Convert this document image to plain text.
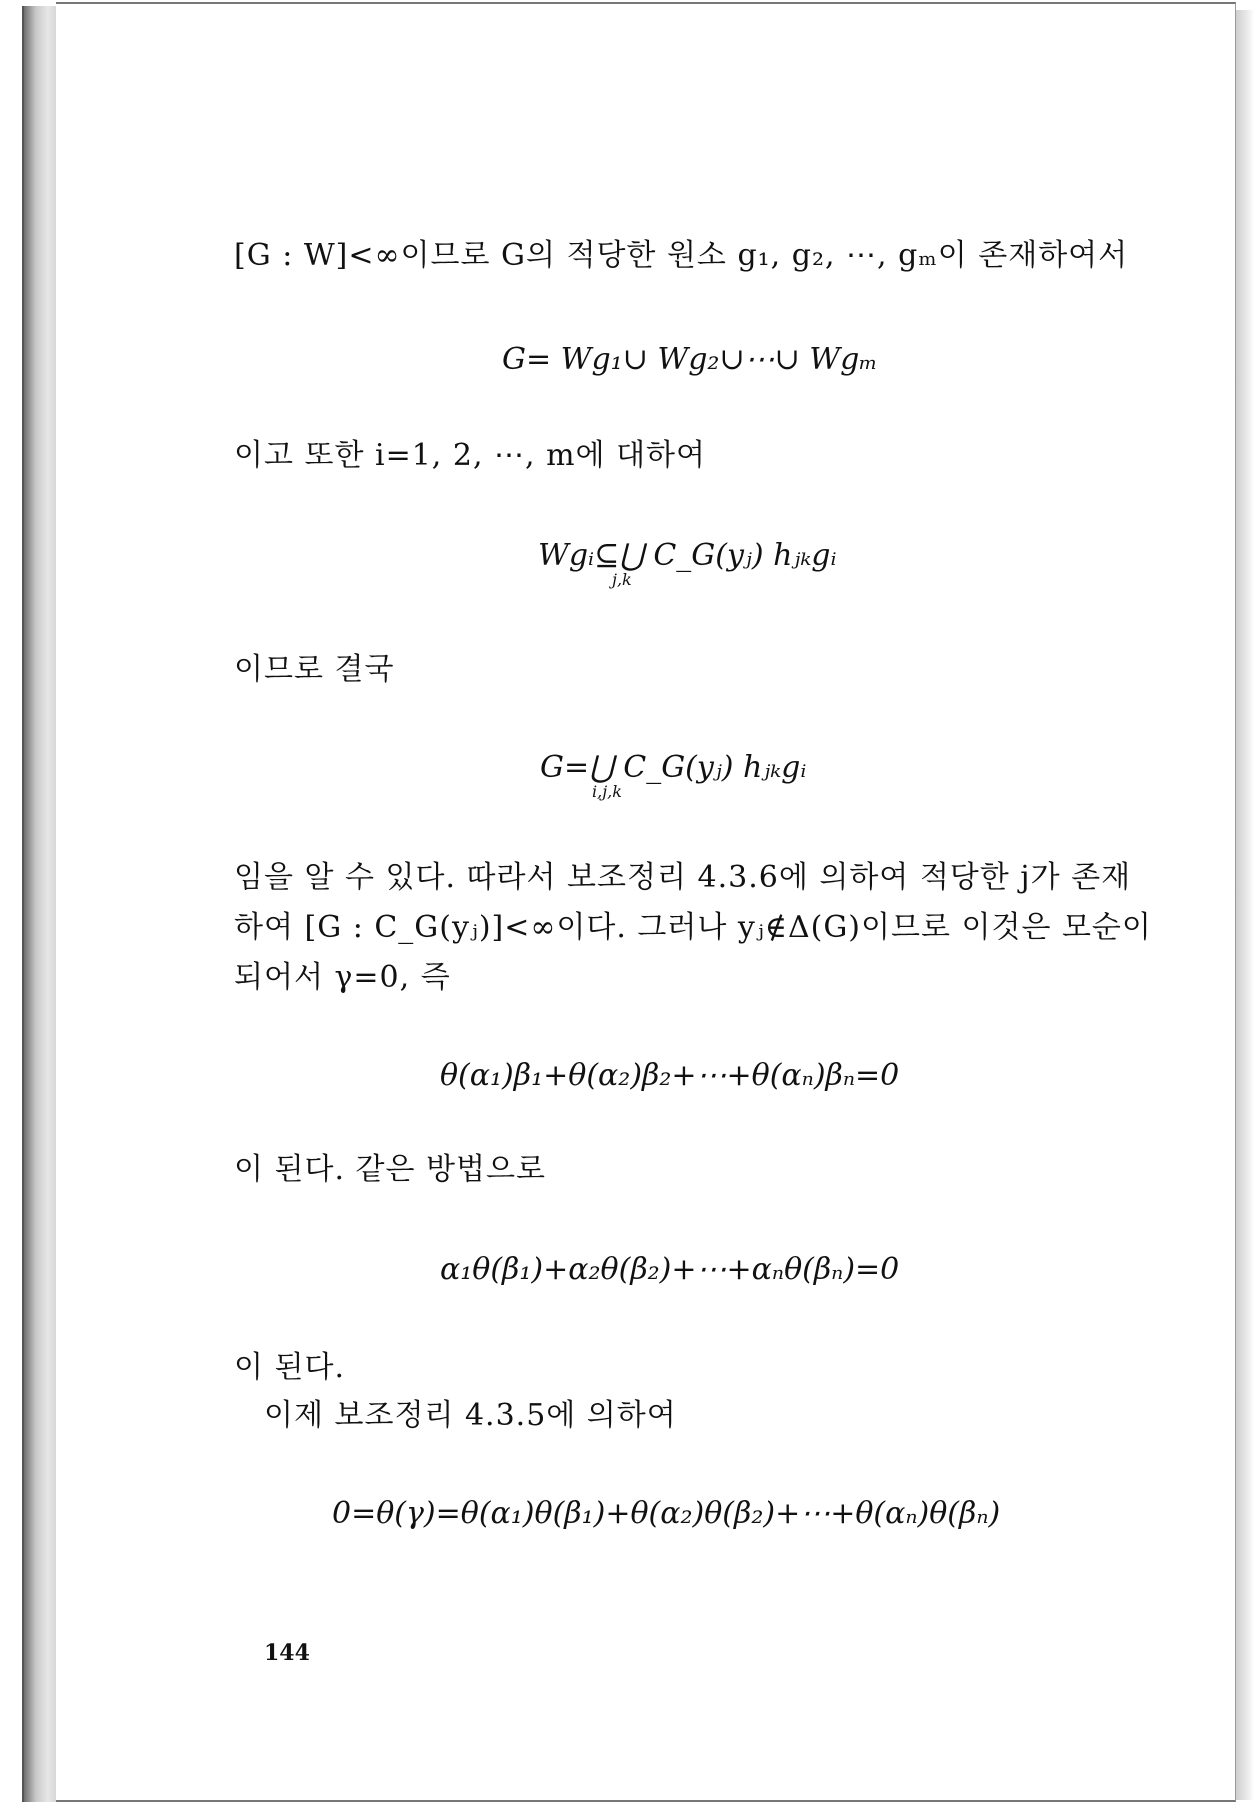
[G : W]<∞이므로 G의 적당한 원소 g₁, g₂, ⋯, gₘ이 존재하여서
G= Wg₁∪ Wg₂∪⋯∪ Wgₘ
이고 또한 i=1, 2, ⋯, m에 대하여
Wgᵢ⊆⋃ C_G(yⱼ) hⱼₖgᵢ
j,k
이므로 결국
G=⋃ C_G(yⱼ) hⱼₖgᵢ
i,j,k
임을 알 수 있다. 따라서 보조정리 4.3.6에 의하여 적당한 j가 존재
하여 [G : C_G(yⱼ)]<∞이다. 그러나 yⱼ∉Δ(G)이므로 이것은 모순이
되어서 γ=0, 즉
θ(α₁)β₁+θ(α₂)β₂+⋯+θ(αₙ)βₙ=0
이 된다. 같은 방법으로
α₁θ(β₁)+α₂θ(β₂)+⋯+αₙθ(βₙ)=0
이 된다.
이제 보조정리 4.3.5에 의하여
0=θ(γ)=θ(α₁)θ(β₁)+θ(α₂)θ(β₂)+⋯+θ(αₙ)θ(βₙ)
144
